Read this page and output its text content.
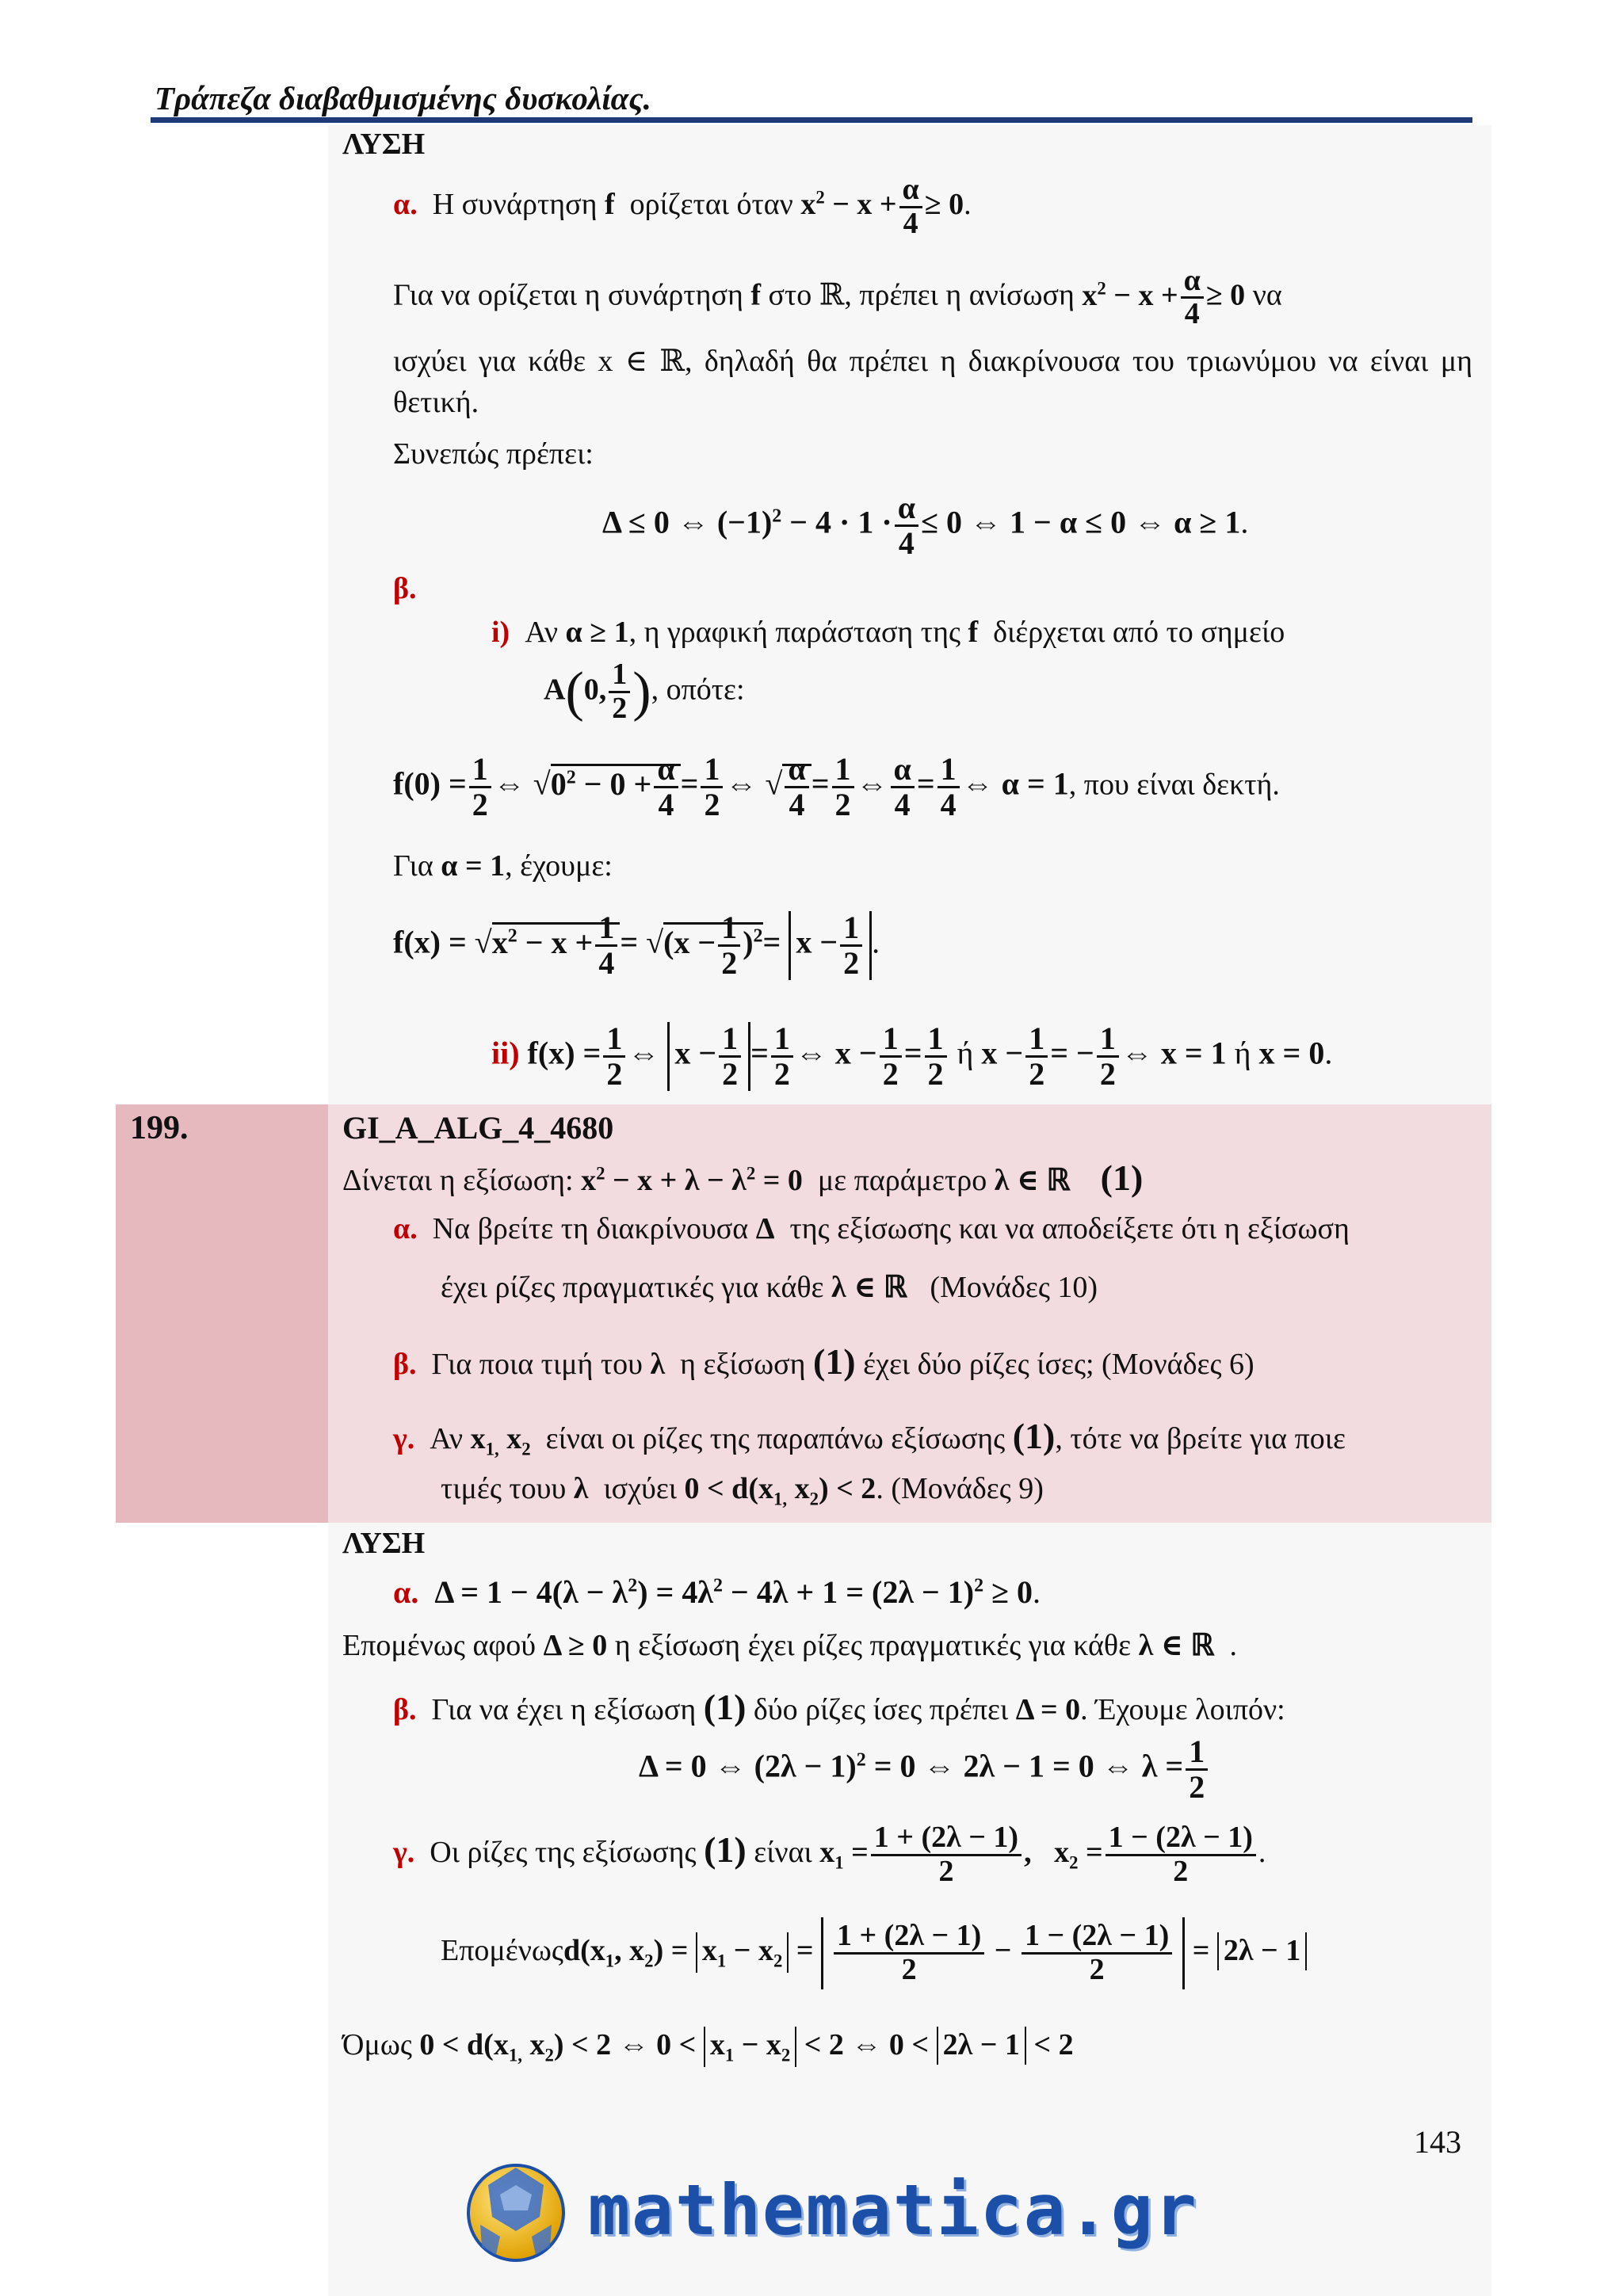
Τράπεζα διαβαθμισμένης δυσκολίας.
ΛΥΣΗ
α. Η συνάρτηση f ορίζεται όταν $x^2 - x + \frac{\alpha}{4} \ge 0$.
Για να ορίζεται η συνάρτηση f στο ℝ, πρέπει η ανίσωση $x^2 - x + \frac{\alpha}{4} \ge 0$ να
ισχύει για κάθε x ∈ ℝ, δηλαδή θα πρέπει η διακρίνουσα του τριωνύμου να είναι μη θετική.
Συνεπώς πρέπει:
Δ ≤ 0 ⇔ $(-1)^2 - 4 \cdot 1 \cdot \frac{\alpha}{4} \le 0$ ⇔ 1 − α ≤ 0 ⇔ α ≥ 1.
β.
i) Αν α ≥ 1, η γραφική παράσταση της f διέρχεται από το σημείο
A(0, $\frac{1}{2}$ ), οπότε:
$f(0) = \frac{1}{2}$ ⇔ $√0^2 - 0 + \frac{\alpha}{4} = \frac{1}{2}$ ⇔ √ $\frac{\alpha}{4} = \frac{1}{2}$ ⇔ $\frac{\alpha}{4} = \frac{1}{4}$ ⇔ α = 1, που είναι δεκτή.
Για α = 1, έχουμε:
$f(x) = √x^2 - x + \frac{1}{4} = √(x - \frac{1}{2} )^2= x - \frac{1}{2}$ .
ii) $f(x) = \frac{1}{2}$ ⇔ $x - \frac{1}{2} = \frac{1}{2}$ ⇔ $x - \frac{1}{2} = \frac{1}{2}$ ή $x - \frac{1}{2}$ = − $\frac{1}{2}$ ⇔ x = 1 ή x = 0.
199.	GI_A_ALG_4_4680
Δίνεται η εξίσωση: $x^2 - x + \lambda - \lambda^2 = 0$ με παράμετρο λ ∈ ℝ (1)
α. Να βρείτε τη διακρίνουσα Δ της εξίσωσης και να αποδείξετε ότι η εξίσωση
έχει ρίζες πραγματικές για κάθε λ ∈ ℝ (Μονάδες 10)
β. Για ποια τιμή του λ η εξίσωση (1) έχει δύο ρίζες ίσες; (Μονάδες 6)
γ. Αν $x_{1,}$ $x_2$ είναι οι ρίζες της παραπάνω εξίσωσης (1), τότε να βρείτε για ποιε
τιμές τουυ λ ισχύει $0 < d(x_{1,}$ $x_2) < 2$. (Μονάδες 9)
ΛΥΣΗ
α.  $\Delta = 1 - 4(\lambda - \lambda^2) = 4\lambda^2 - 4\lambda + 1 = (2\lambda - 1)^2 \ge 0$.
Επομένως αφού Δ ≥ 0 η εξίσωση έχει ρίζες πραγματικές για κάθε λ ∈ ℝ  .
β. Για να έχει η εξίσωση (1) δύο ρίζες ίσες πρέπει Δ = 0. Έχουμε λοιπόν:
Δ = 0 ⇔ $(2\lambda - 1)^2 = 0$ ⇔ 2λ − 1 = 0 ⇔ $\lambda = \frac{1}{2}$
γ. Οι ρίζες της εξίσωσης (1) είναι $x_1 = \frac{1 + (2\lambda - 1)}{2}$ ,   $x_2 = \frac{1 - (2\lambda - 1)}{2}$ .
$E\pi o\mu έ\nu\omega\varsigma d(x_1$, $x_2) = x_1 - x_2 = \frac{1 + (2\lambda - 1)}{2} - \frac{1 - (2\lambda - 1)}{2} = 2\lambda - 1$
Όμως $0 < d(x_{1,}$ $x_2) < 2$ ⇔ $0 < x_1 - x_2 < 2$ ⇔ 0 < 2λ − 1 < 2
143
mathematica.gr
